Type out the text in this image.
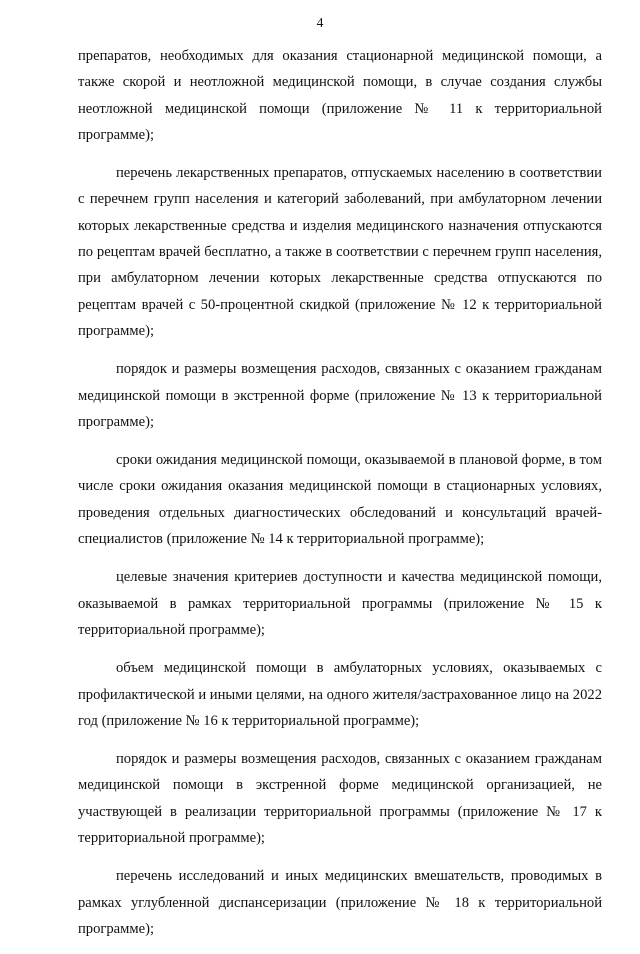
4

препаратов, необходимых для оказания стационарной медицинской помощи, а также скорой и неотложной медицинской помощи, в случае создания службы неотложной медицинской помощи (приложение № 11 к территориальной программе);

перечень лекарственных препаратов, отпускаемых населению в соответствии с перечнем групп населения и категорий заболеваний, при амбулаторном лечении которых лекарственные средства и изделия медицинского назначения отпускаются по рецептам врачей бесплатно, а также в соответствии с перечнем групп населения, при амбулаторном лечении которых лекарственные средства отпускаются по рецептам врачей с 50-процентной скидкой (приложение № 12 к территориальной программе);

порядок и размеры возмещения расходов, связанных с оказанием гражданам медицинской помощи в экстренной форме (приложение № 13 к территориальной программе);

сроки ожидания медицинской помощи, оказываемой в плановой форме, в том числе сроки ожидания оказания медицинской помощи в стационарных условиях, проведения отдельных диагностических обследований и консультаций врачей-специалистов (приложение № 14 к территориальной программе);

целевые значения критериев доступности и качества медицинской помощи, оказываемой в рамках территориальной программы (приложение № 15 к территориальной программе);

объем медицинской помощи в амбулаторных условиях, оказываемых с профилактической и иными целями, на одного жителя/застрахованное лицо на 2022 год (приложение № 16 к территориальной программе);

порядок и размеры возмещения расходов, связанных с оказанием гражданам медицинской помощи в экстренной форме медицинской организацией, не участвующей в реализации территориальной программы (приложение № 17 к территориальной программе);

перечень исследований и иных медицинских вмешательств, проводимых в рамках углубленной диспансеризации (приложение № 18 к территориальной программе);
